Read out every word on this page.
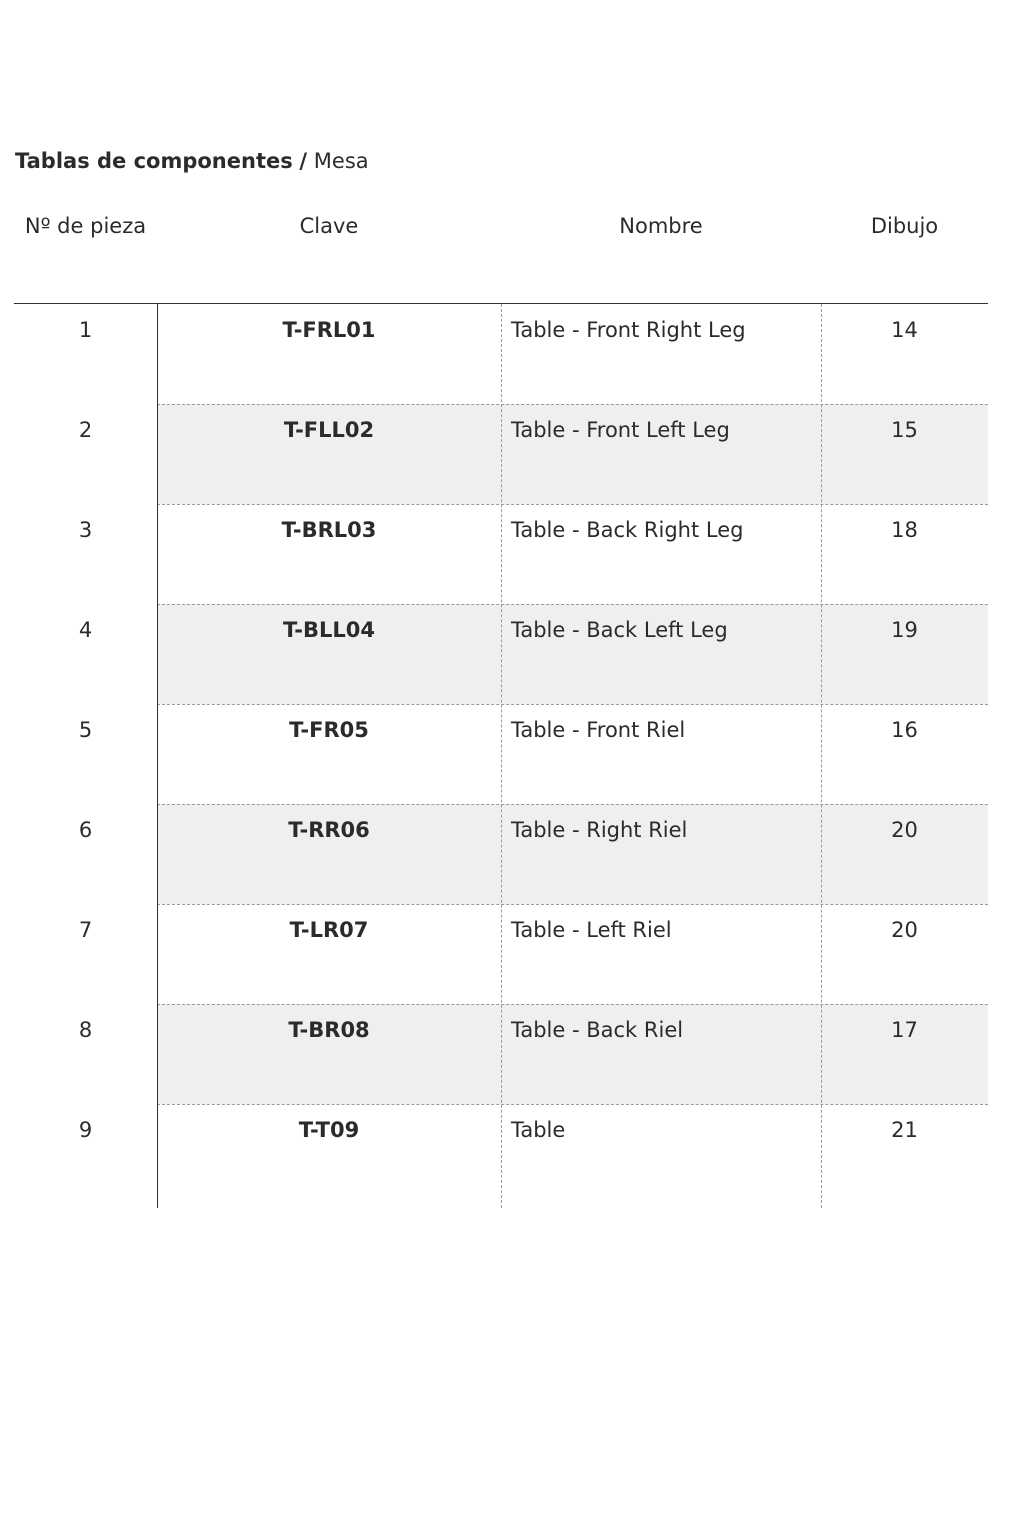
Tablas de componentes / Mesa
Nº de pieza	Clave	Nombre	Dibujo
1	T-FRL01	Table - Front Right Leg	14
2	T-FLL02	Table - Front Left Leg	15
3	T-BRL03	Table - Back Right Leg	18
4	T-BLL04	Table - Back Left Leg	19
5	T-FR05	Table - Front Riel	16
6	T-RR06	Table - Right Riel	20
7	T-LR07	Table - Left Riel	20
8	T-BR08	Table - Back Riel	17
9	T-T09	Table	21
